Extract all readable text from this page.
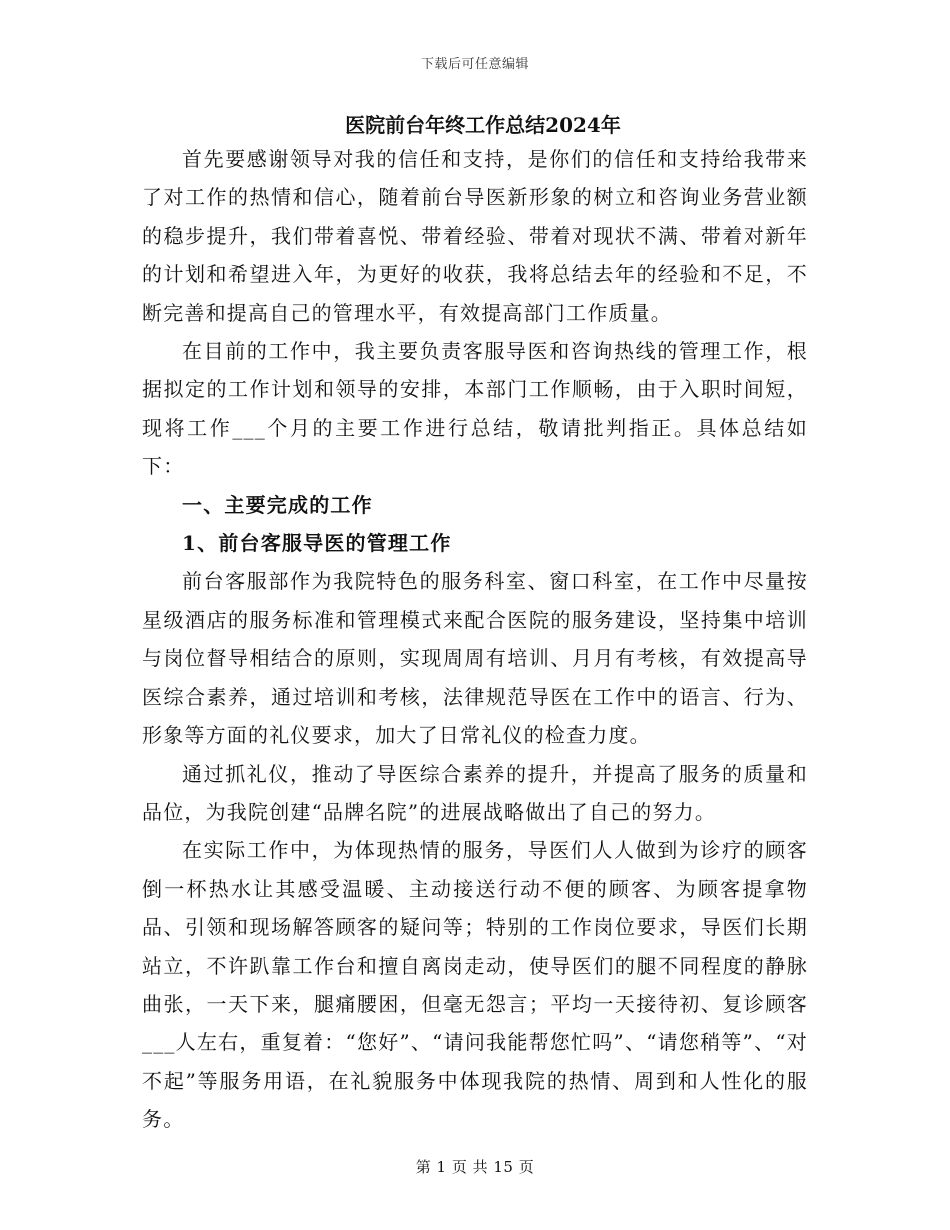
下载后可任意编辑
医院前台年终工作总结2024年

首先要感谢领导对我的信任和支持，是你们的信任和支持给我带来了对工作的热情和信心，随着前台导医新形象的树立和咨询业务营业额的稳步提升，我们带着喜悦、带着经验、带着对现状不满、带着对新年的计划和希望进入年，为更好的收获，我将总结去年的经验和不足，不断完善和提高自己的管理水平，有效提高部门工作质量。

在目前的工作中，我主要负责客服导医和咨询热线的管理工作，根据拟定的工作计划和领导的安排，本部门工作顺畅，由于入职时间短，现将工作___个月的主要工作进行总结，敬请批判指正。具体总结如下：

一、主要完成的工作

1、前台客服导医的管理工作

前台客服部作为我院特色的服务科室、窗口科室，在工作中尽量按星级酒店的服务标准和管理模式来配合医院的服务建设，坚持集中培训与岗位督导相结合的原则，实现周周有培训、月月有考核，有效提高导医综合素养，通过培训和考核，法律规范导医在工作中的语言、行为、形象等方面的礼仪要求，加大了日常礼仪的检查力度。

通过抓礼仪，推动了导医综合素养的提升，并提高了服务的质量和品位，为我院创建“品牌名院”的进展战略做出了自己的努力。

在实际工作中，为体现热情的服务，导医们人人做到为诊疗的顾客倒一杯热水让其感受温暖、主动接送行动不便的顾客、为顾客提拿物品、引领和现场解答顾客的疑问等；特别的工作岗位要求，导医们长期站立，不许趴靠工作台和擅自离岗走动，使导医们的腿不同程度的静脉曲张，一天下来，腿痛腰困，但毫无怨言；平均一天接待初、复诊顾客___人左右，重复着：“您好”、“请问我能帮您忙吗”、“请您稍等”、“对不起”等服务用语，在礼貌服务中体现我院的热情、周到和人性化的服务。

第 1 页 共 15 页
